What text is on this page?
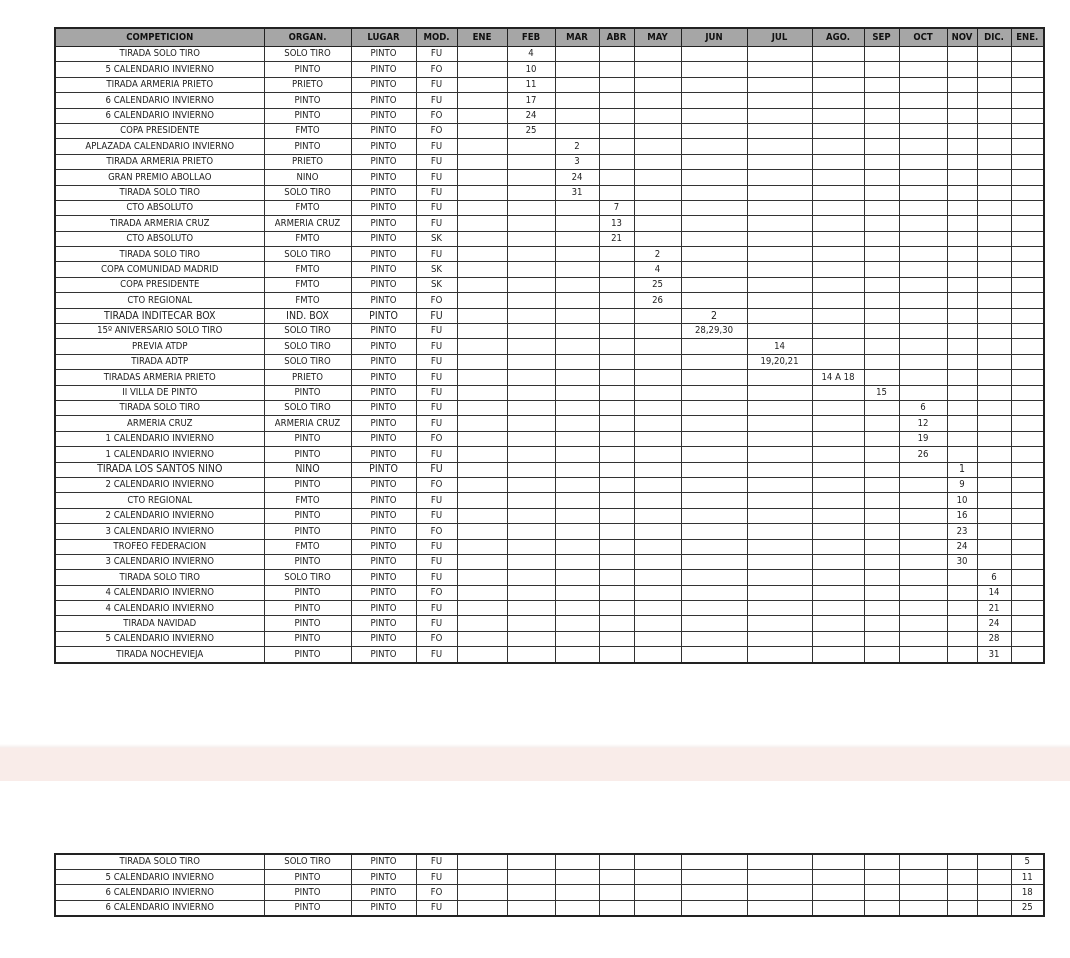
COMPETICION	ORGAN.	LUGAR	MOD.	ENE	FEB	MAR	ABR	MAY	JUN	JUL	AGO.	SEP	OCT	NOV	DIC.	ENE.
TIRADA SOLO TIRO	SOLO TIRO	PINTO	FU		4											
5 CALENDARIO INVIERNO	PINTO	PINTO	FO		10											
TIRADA ARMERIA PRIETO	PRIETO	PINTO	FU		11											
6 CALENDARIO INVIERNO	PINTO	PINTO	FU		17											
6 CALENDARIO INVIERNO	PINTO	PINTO	FO		24											
COPA PRESIDENTE	FMTO	PINTO	FO		25											
APLAZADA CALENDARIO INVIERNO	PINTO	PINTO	FU			2										
TIRADA ARMERIA PRIETO	PRIETO	PINTO	FU			3										
GRAN PREMIO ABOLLAO	NINO	PINTO	FU			24										
TIRADA SOLO TIRO	SOLO TIRO	PINTO	FU			31										
CTO ABSOLUTO	FMTO	PINTO	FU				7									
TIRADA ARMERIA CRUZ	ARMERIA CRUZ	PINTO	FU				13									
CTO ABSOLUTO	FMTO	PINTO	SK				21									
TIRADA SOLO TIRO	SOLO TIRO	PINTO	FU					2								
COPA COMUNIDAD MADRID	FMTO	PINTO	SK					4								
COPA PRESIDENTE	FMTO	PINTO	SK					25								
CTO REGIONAL	FMTO	PINTO	FO					26								
TIRADA INDITECAR BOX	IND. BOX	PINTO	FU						2							
15º ANIVERSARIO SOLO TIRO	SOLO TIRO	PINTO	FU						28,29,30							
PREVIA ATDP	SOLO TIRO	PINTO	FU							14						
TIRADA ADTP	SOLO TIRO	PINTO	FU							19,20,21						
TIRADAS ARMERIA PRIETO	PRIETO	PINTO	FU								14 A 18					
II VILLA DE PINTO	PINTO	PINTO	FU									15				
TIRADA SOLO TIRO	SOLO TIRO	PINTO	FU										6			
ARMERIA CRUZ	ARMERIA CRUZ	PINTO	FU										12			
1 CALENDARIO INVIERNO	PINTO	PINTO	FO										19			
1 CALENDARIO INVIERNO	PINTO	PINTO	FU										26			
TIRADA LOS SANTOS NINO	NINO	PINTO	FU											1		
2 CALENDARIO INVIERNO	PINTO	PINTO	FO											9		
CTO REGIONAL	FMTO	PINTO	FU											10		
2 CALENDARIO INVIERNO	PINTO	PINTO	FU											16		
3 CALENDARIO INVIERNO	PINTO	PINTO	FO											23		
TROFEO FEDERACION	FMTO	PINTO	FU											24		
3 CALENDARIO INVIERNO	PINTO	PINTO	FU											30		
TIRADA SOLO TIRO	SOLO TIRO	PINTO	FU												6	
4 CALENDARIO INVIERNO	PINTO	PINTO	FO												14	
4 CALENDARIO INVIERNO	PINTO	PINTO	FU												21	
TIRADA NAVIDAD	PINTO	PINTO	FU												24	
5 CALENDARIO INVIERNO	PINTO	PINTO	FO												28	
TIRADA NOCHEVIEJA	PINTO	PINTO	FU												31	
TIRADA SOLO TIRO	SOLO TIRO	PINTO	FU													5
5 CALENDARIO INVIERNO	PINTO	PINTO	FU													11
6 CALENDARIO INVIERNO	PINTO	PINTO	FO													18
6 CALENDARIO INVIERNO	PINTO	PINTO	FU													25
